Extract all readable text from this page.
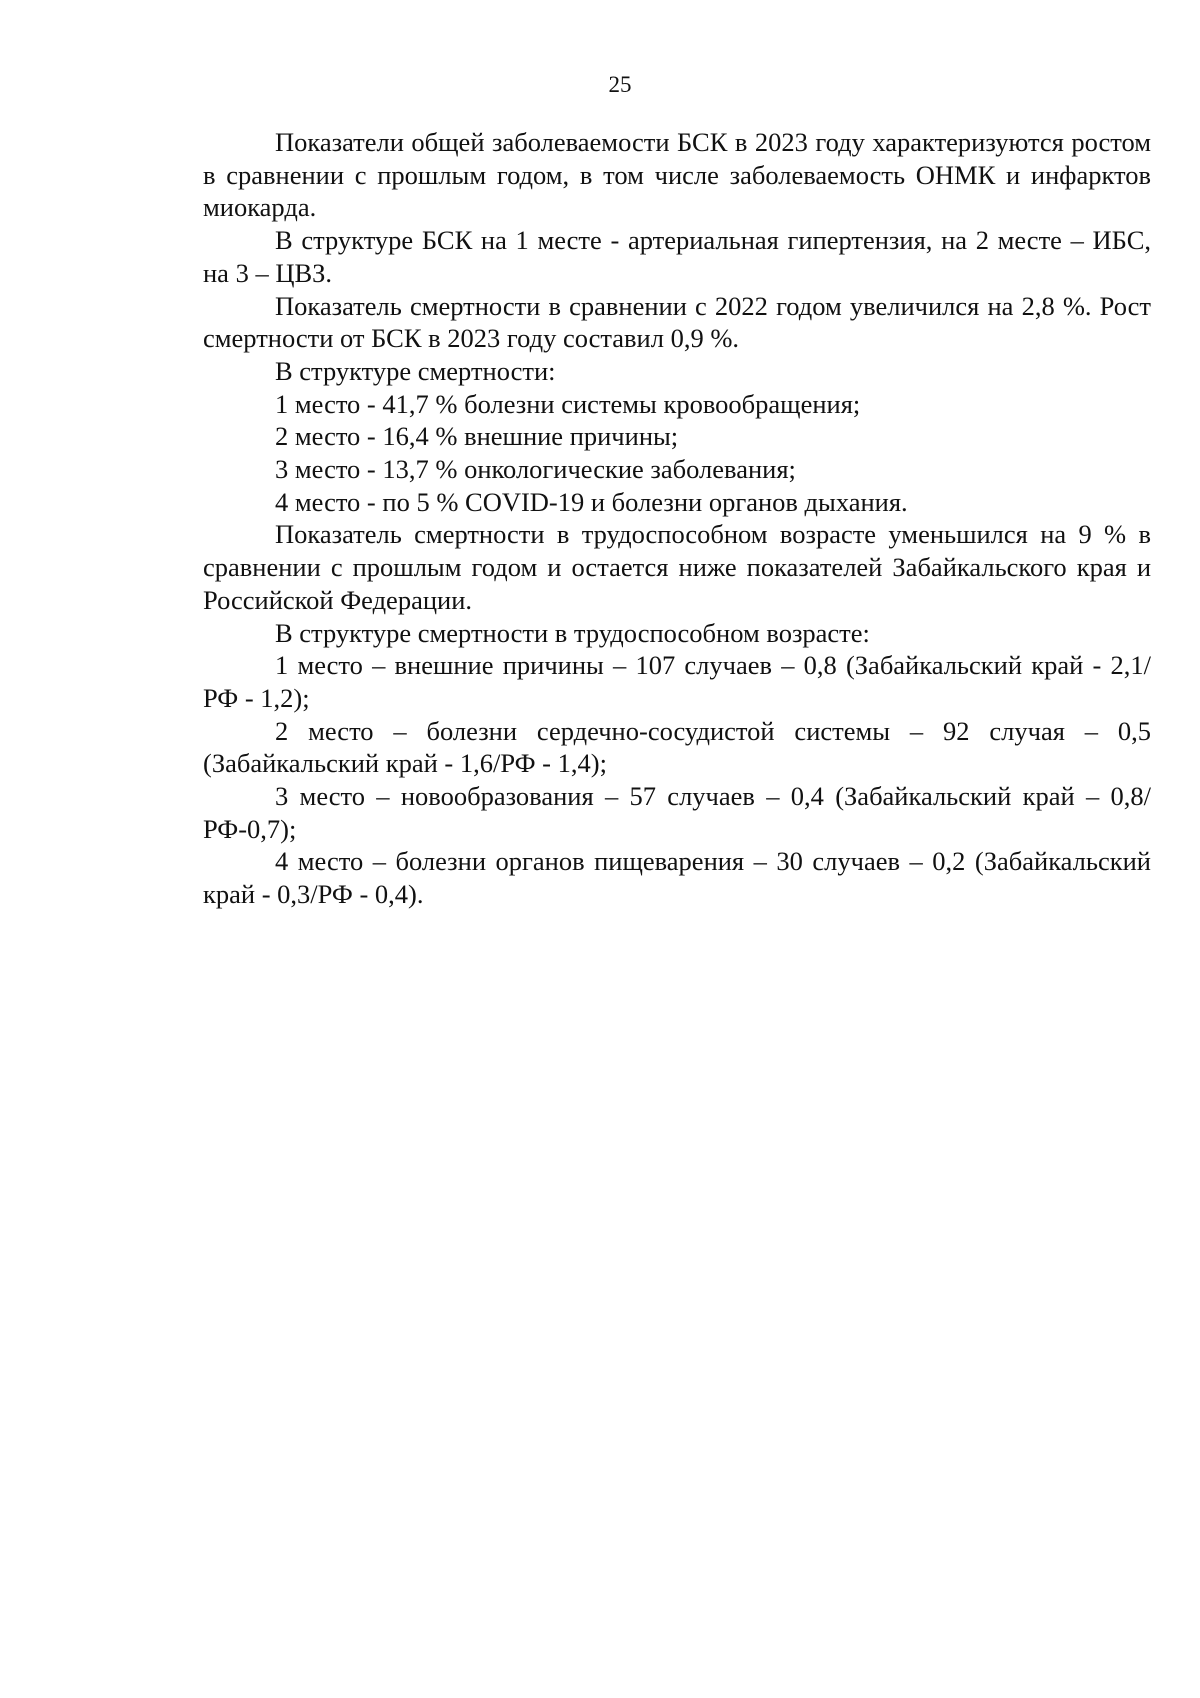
25

Показатели общей заболеваемости БСК в 2023 году характеризуются ростом в сравнении с прошлым годом, в том числе заболеваемость ОНМК и инфарктов миокарда.

В структуре БСК на 1 месте - артериальная гипертензия, на 2 месте – ИБС, на 3 – ЦВЗ.

Показатель смертности в сравнении с 2022 годом увеличился на 2,8 %. Рост смертности от БСК в 2023 году составил 0,9 %.

В структуре смертности:

1 место - 41,7 % болезни системы кровообращения;

2 место - 16,4 % внешние причины;

3 место - 13,7 % онкологические заболевания;

4 место - по 5 % COVID-19 и болезни органов дыхания.

Показатель смертности в трудоспособном возрасте уменьшился на 9 % в сравнении с прошлым годом и остается ниже показателей Забайкальского края и Российской Федерации.

В структуре смертности в трудоспособном возрасте:

1 место – внешние причины – 107 случаев – 0,8 (Забайкальский край - 2,1/РФ - 1,2);

2 место – болезни сердечно-сосудистой системы – 92 случая – 0,5 (Забайкальский край - 1,6/РФ - 1,4);

3 место – новообразования – 57 случаев – 0,4 (Забайкальский край – 0,8/РФ-0,7);

4 место – болезни органов пищеварения – 30 случаев – 0,2 (Забайкальский край - 0,3/РФ - 0,4).
